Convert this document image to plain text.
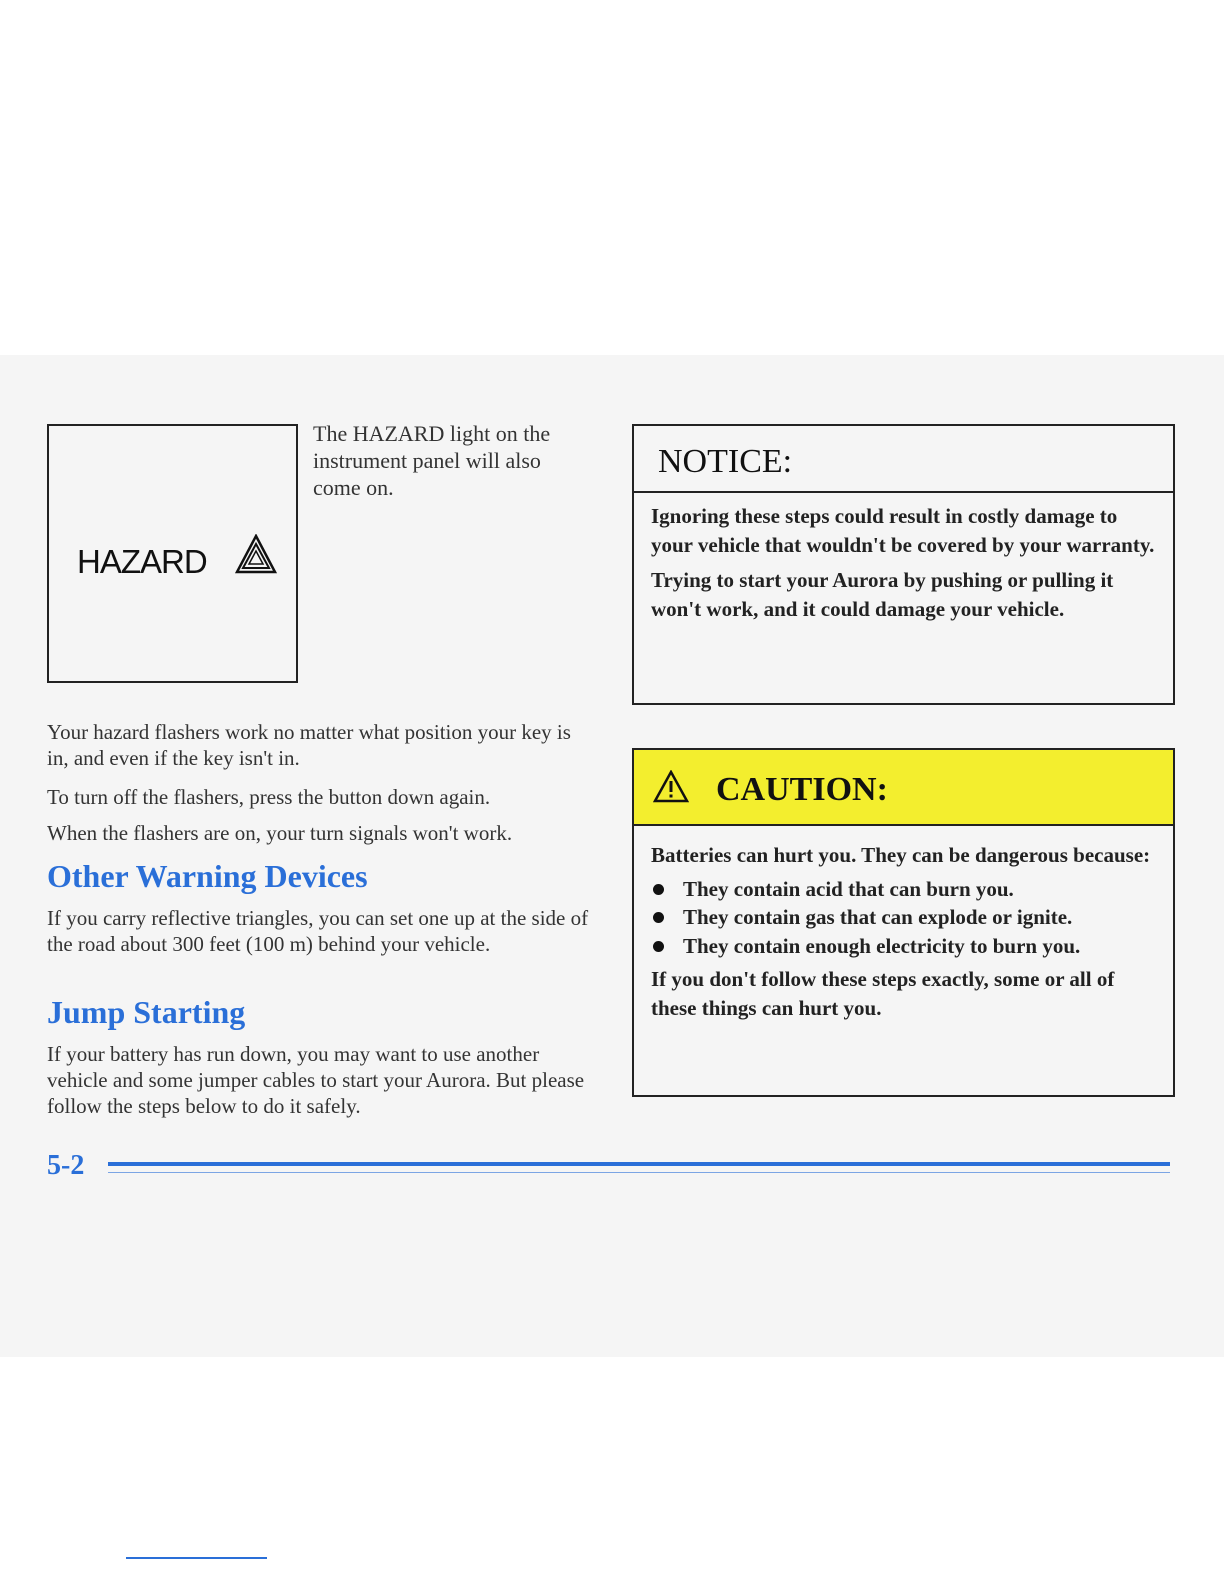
HAZARD
The HAZARD light on the instrument panel will also come on.

Your hazard flashers work no matter what position your key is in, and even if the key isn't in.

To turn off the flashers, press the button down again.

When the flashers are on, your turn signals won't work.

Other Warning Devices

If you carry reflective triangles, you can set one up at the side of the road about 300 feet (100 m) behind your vehicle.

Jump Starting

If your battery has run down, you may want to use another vehicle and some jumper cables to start your Aurora. But please follow the steps below to do it safely.

NOTICE:

Ignoring these steps could result in costly damage to your vehicle that wouldn't be covered by your warranty.

Trying to start your Aurora by pushing or pulling it won't work, and it could damage your vehicle.

CAUTION:

Batteries can hurt you. They can be dangerous because:

They contain acid that can burn you.
They contain gas that can explode or ignite.
They contain enough electricity to burn you.

If you don't follow these steps exactly, some or all of these things can hurt you.

5-2
